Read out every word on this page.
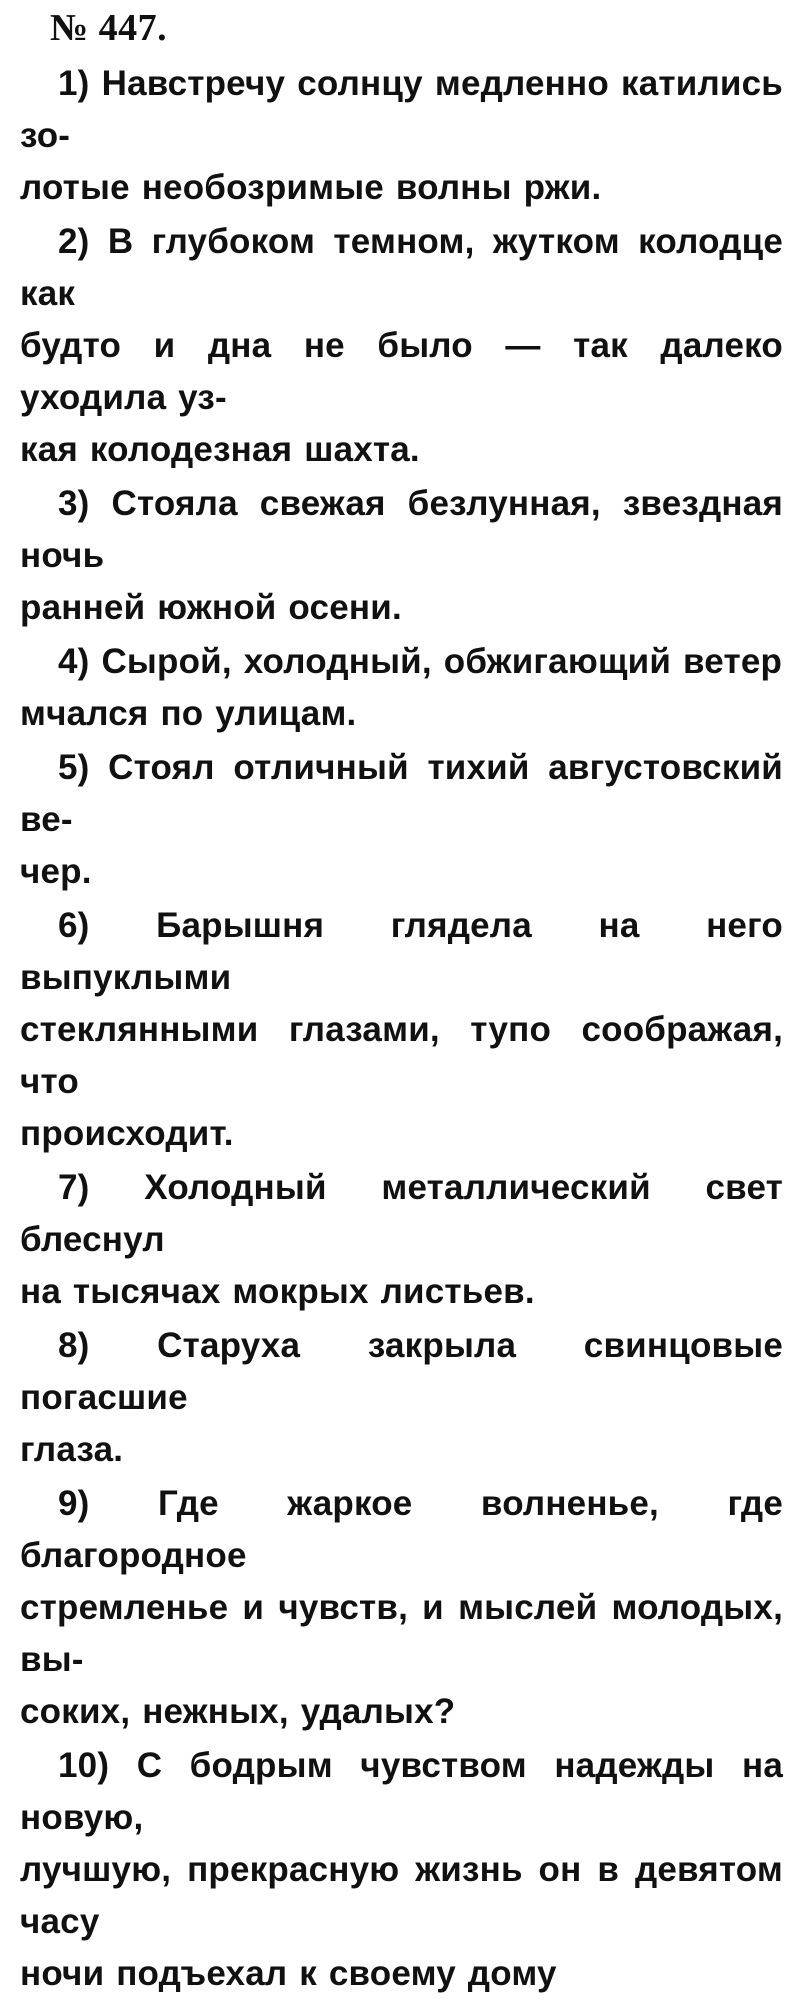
№ 447.
1) Навстречу солнцу медленно катились зо-
лотые необозримые волны ржи.
2) В глубоком темном, жутком колодце как
будто и дна не было — так далеко уходила уз-
кая колодезная шахта.
3) Стояла свежая безлунная, звездная ночь
ранней южной осени.
4) Сырой, холодный, обжигающий ветер
мчался по улицам.
5) Стоял отличный тихий августовский ве-
чер.
6) Барышня глядела на него выпуклыми
стеклянными глазами, тупо соображая, что
происходит.
7) Холодный металлический свет блеснул
на тысячах мокрых листьев.
8) Старуха закрыла свинцовые погасшие
глаза.
9) Где жаркое волненье, где благородное
стремленье и чувств, и мыслей молодых, вы-
соких, нежных, удалых?
10) С бодрым чувством надежды на новую,
лучшую, прекрасную жизнь он в девятом часу
ночи подъехал к своему дому
